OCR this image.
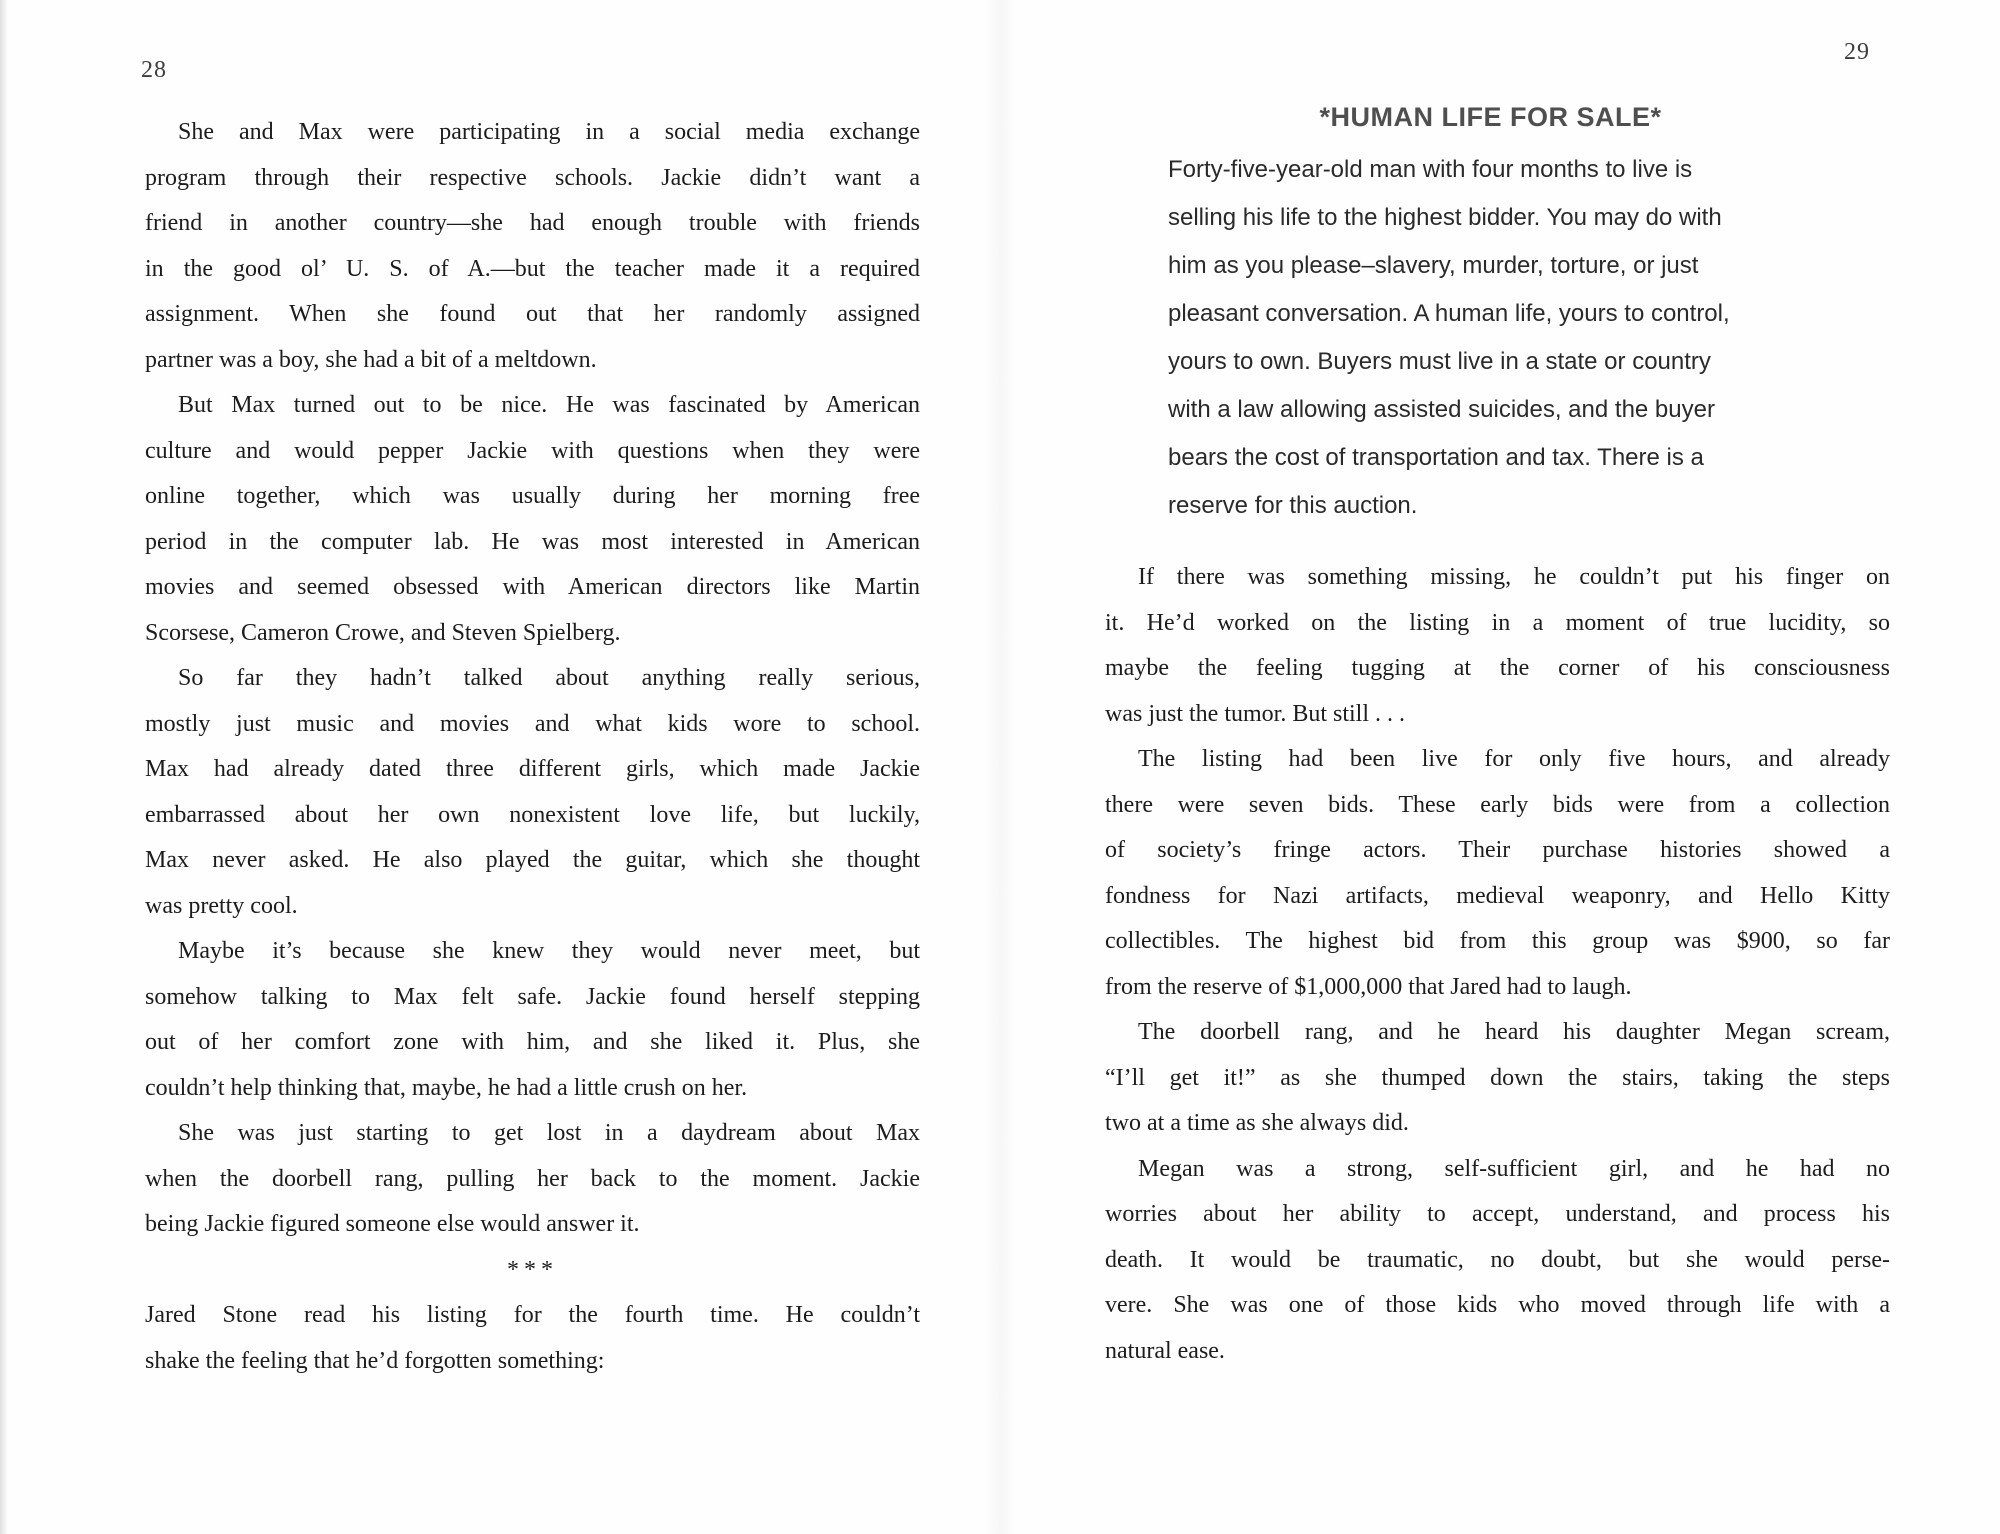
28
She and Max were participating in a social media exchange
program through their respective schools. Jackie didn’t want a
friend in another country—she had enough trouble with friends
in the good ol’ U. S. of A.—but the teacher made it a required
assignment. When she found out that her randomly assigned
partner was a boy, she had a bit of a meltdown.
But Max turned out to be nice. He was fascinated by American
culture and would pepper Jackie with questions when they were
online together, which was usually during her morning free
period in the computer lab. He was most interested in American
movies and seemed obsessed with American directors like Martin
Scorsese, Cameron Crowe, and Steven Spielberg.
So far they hadn’t talked about anything really serious,
mostly just music and movies and what kids wore to school.
Max had already dated three different girls, which made Jackie
embarrassed about her own nonexistent love life, but luckily,
Max never asked. He also played the guitar, which she thought
was pretty cool.
Maybe it’s because she knew they would never meet, but
somehow talking to Max felt safe. Jackie found herself stepping
out of her comfort zone with him, and she liked it. Plus, she
couldn’t help thinking that, maybe, he had a little crush on her.
She was just starting to get lost in a daydream about Max
when the doorbell rang, pulling her back to the moment. Jackie
being Jackie figured someone else would answer it.
***
Jared Stone read his listing for the fourth time. He couldn’t
shake the feeling that he’d forgotten something:
29
*HUMAN LIFE FOR SALE*
Forty-five-year-old man with four months to live is
selling his life to the highest bidder. You may do with
him as you please–slavery, murder, torture, or just
pleasant conversation. A human life, yours to control,
yours to own. Buyers must live in a state or country
with a law allowing assisted suicides, and the buyer
bears the cost of transportation and tax. There is a
reserve for this auction.
If there was something missing, he couldn’t put his finger on
it. He’d worked on the listing in a moment of true lucidity, so
maybe the feeling tugging at the corner of his consciousness
was just the tumor. But still . . .
The listing had been live for only five hours, and already
there were seven bids. These early bids were from a collection
of society’s fringe actors. Their purchase histories showed a
fondness for Nazi artifacts, medieval weaponry, and Hello Kitty
collectibles. The highest bid from this group was $900, so far
from the reserve of $1,000,000 that Jared had to laugh.
The doorbell rang, and he heard his daughter Megan scream,
“I’ll get it!” as she thumped down the stairs, taking the steps
two at a time as she always did.
Megan was a strong, self-sufficient girl, and he had no
worries about her ability to accept, understand, and process his
death. It would be traumatic, no doubt, but she would perse-
vere. She was one of those kids who moved through life with a
natural ease.
